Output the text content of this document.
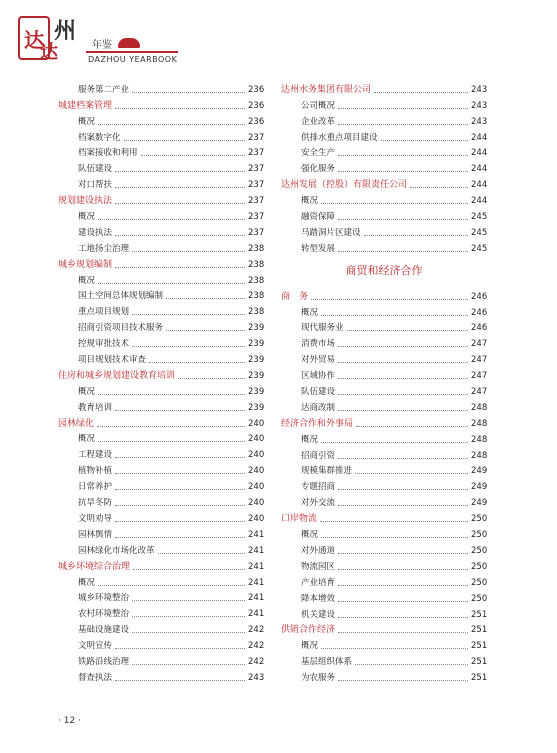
达 州
达	年鉴
DAZHOU YEARBOOK
服务第二产业	236
城建档案管理	236
概况	236
档案数字化	237
档案接收和利用	237
队伍建设	237
对口帮扶	237
规划建设执法	237
概况	237
建设执法	237
工地扬尘治理	238
城乡规划编制	238
概况	238
国土空间总体规划编制	238
重点项目规划	238
招商引资项目技术服务	239
控规审批技术	239
项目规划技术审查	239
住房和城乡规划建设教育培训	239
概况	239
教育培训	239
园林绿化	240
概况	240
工程建设	240
植物补植	240
日常养护	240
抗旱冬防	240
文明劝导	240
园林舆情	241
园林绿化市场化改革	241
城乡环境综合治理	241
概况	241
城乡环境整治	241
农村环境整治	241
基础设施建设	242
文明宣传	242
铁路沿线治理	242
督查执法	243
达州水务集团有限公司	243
公司概况	243
企业改革	243
供排水重点项目建设	244
安全生产	244
强化服务	244
达州发展（控股）有限责任公司	244
概况	244
融资保障	245
马踏洞片区建设	245
转型发展	245
商贸和经济合作
商　务	246
概况	246
现代服务业	246
消费市场	247
对外贸易	247
区域协作	247
队伍建设	247
达商改制	248
经济合作和外事局	248
概况	248
招商引资	248
规模集群推进	249
专题招商	249
对外交流	249
口岸物流	250
概况	250
对外通道	250
物流园区	250
产业培育	250
降本增效	250
机关建设	251
供销合作经济	251
概况	251
基层组织体系	251
为农服务	251
· 12 ·
